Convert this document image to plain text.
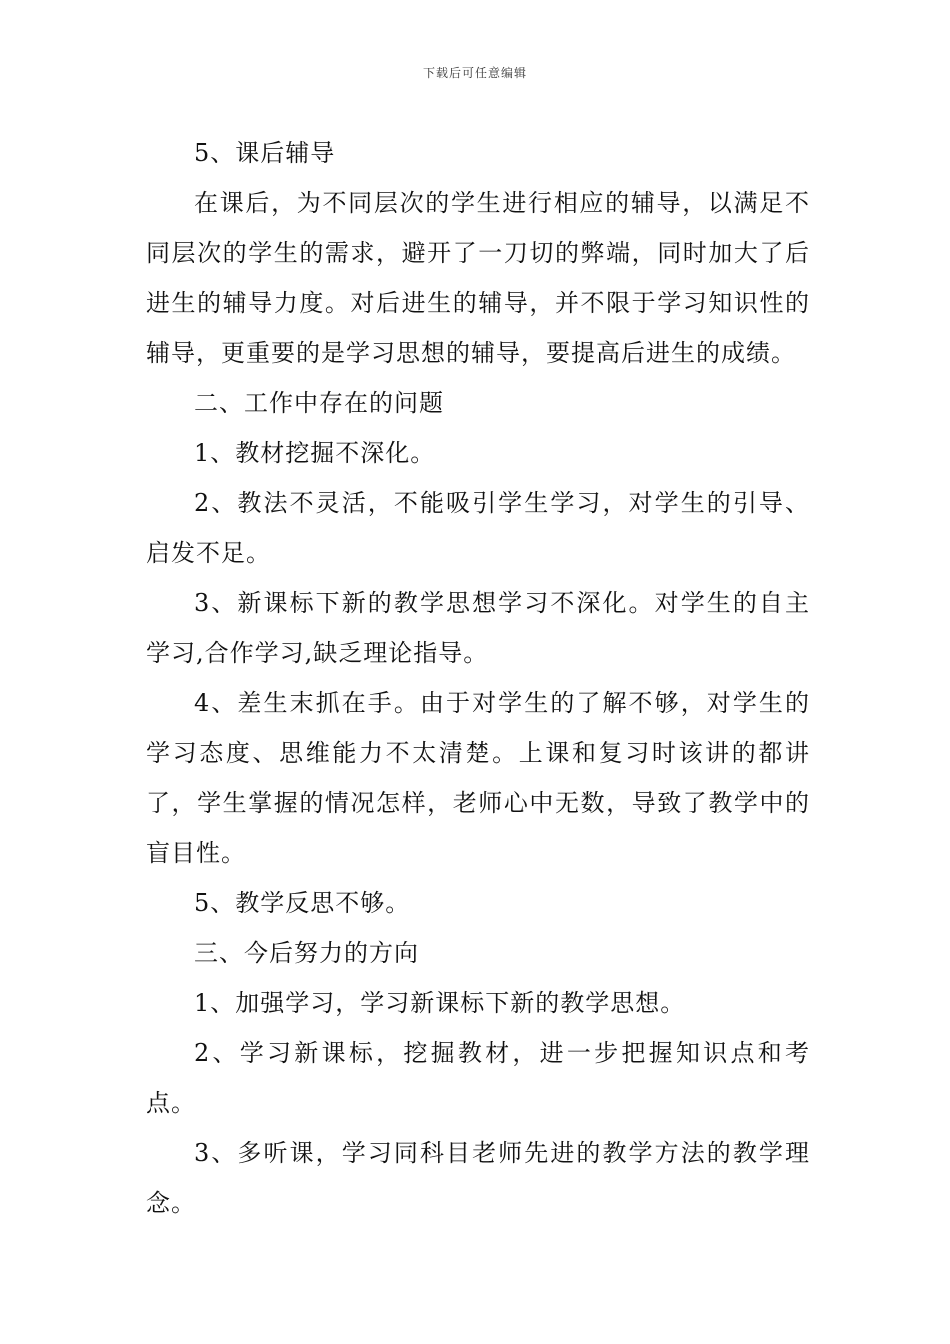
下载后可任意编辑

5、课后辅导

在课后，为不同层次的学生进行相应的辅导，以满足不同层次的学生的需求，避开了一刀切的弊端，同时加大了后进生的辅导力度。对后进生的辅导，并不限于学习知识性的辅导，更重要的是学习思想的辅导，要提高后进生的成绩。

二、工作中存在的问题

1、教材挖掘不深化。

2、教法不灵活，不能吸引学生学习，对学生的引导、启发不足。

3、新课标下新的教学思想学习不深化。对学生的自主学习,合作学习,缺乏理论指导。

4、差生末抓在手。由于对学生的了解不够，对学生的学习态度、思维能力不太清楚。上课和复习时该讲的都讲了，学生掌握的情况怎样，老师心中无数，导致了教学中的盲目性。

5、教学反思不够。

三、今后努力的方向

1、加强学习，学习新课标下新的教学思想。

2、学习新课标，挖掘教材，进一步把握知识点和考点。

3、多听课，学习同科目老师先进的教学方法的教学理念。
